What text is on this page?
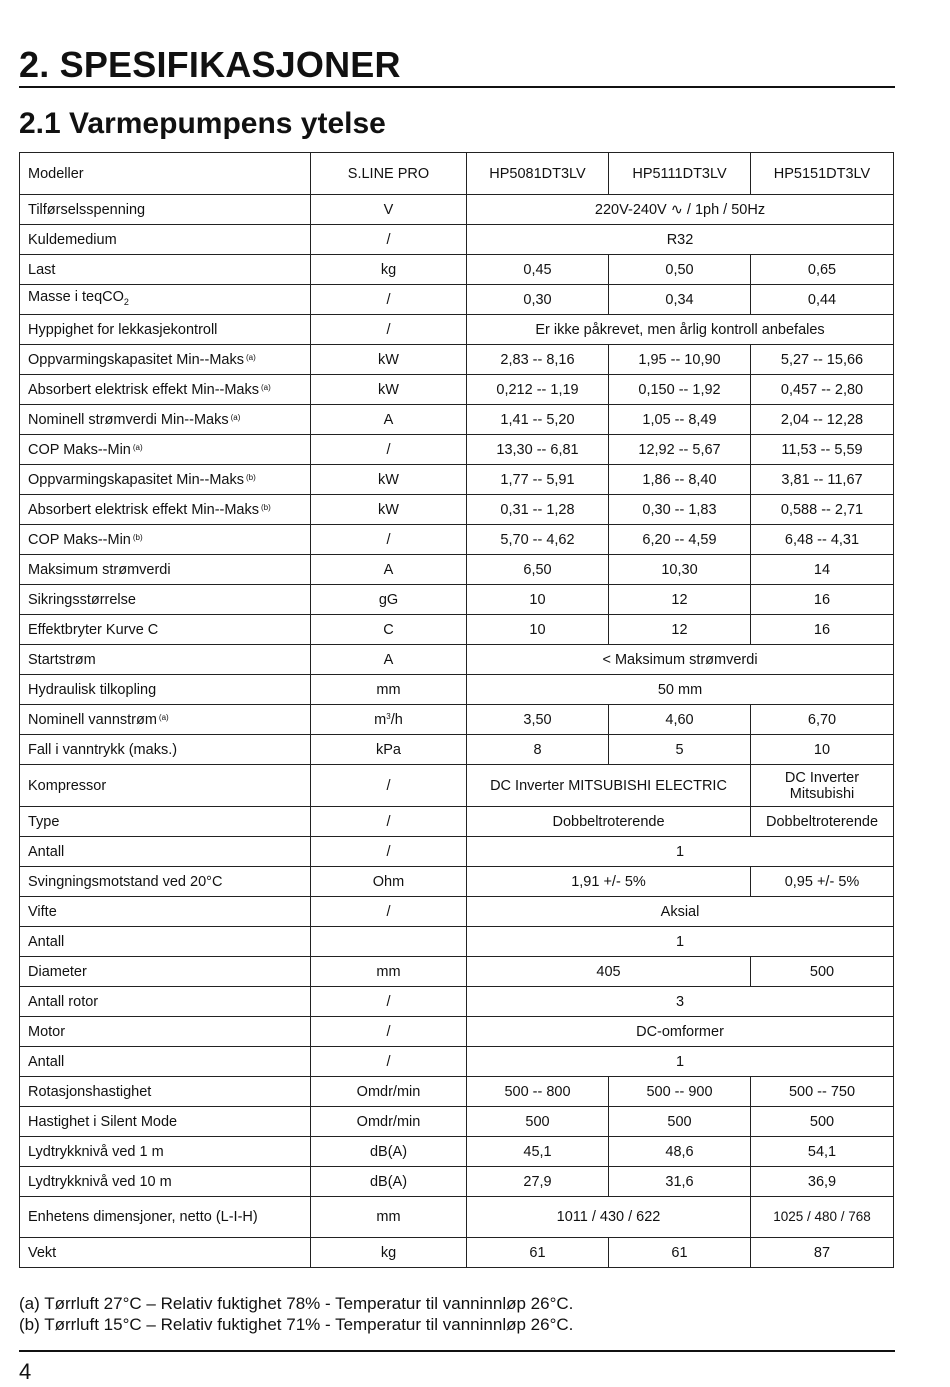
2. SPESIFIKASJONER
2.1 Varmepumpens ytelse
Modeller	S.LINE PRO	HP5081DT3LV	HP5111DT3LV	HP5151DT3LV
Tilførselsspenning	V	220V-240V ∿ / 1ph / 50Hz		
Kuldemedium	/	R32		
Last	kg	0,45	0,50	0,65
Masse i teqCO$_2$	/	0,30	0,34	0,44
Hyppighet for lekkasjekontroll	/	Er ikke påkrevet, men årlig kontroll anbefales		
Oppvarmingskapasitet Min--Maks $^{(a)}$	kW	2,83 -- 8,16	1,95 -- 10,90	5,27 -- 15,66
Absorbert elektrisk effekt Min--Maks $^{(a)}$	kW	0,212 -- 1,19	0,150 -- 1,92	0,457 -- 2,80
Nominell strømverdi Min--Maks $^{(a)}$	A	1,41 -- 5,20	1,05 -- 8,49	2,04 -- 12,28
COP Maks--Min $^{(a)}$	/	13,30 -- 6,81	12,92 -- 5,67	11,53 -- 5,59
Oppvarmingskapasitet Min--Maks $^{(b)}$	kW	1,77 -- 5,91	1,86 -- 8,40	3,81 -- 11,67
Absorbert elektrisk effekt Min--Maks $^{(b)}$	kW	0,31 -- 1,28	0,30 -- 1,83	0,588 -- 2,71
COP Maks--Min $^{(b)}$	/	5,70 -- 4,62	6,20 -- 4,59	6,48 -- 4,31
Maksimum strømverdi	A	6,50	10,30	14
Sikringsstørrelse	gG	10	12	16
Effektbryter Kurve C	C	10	12	16
Startstrøm	A	< Maksimum strømverdi		
Hydraulisk tilkopling	mm	50 mm		
Nominell vannstrøm $^{(a)}$	$m^3/h$	3,50	4,60	6,70
Fall i vanntrykk (maks.)	kPa	8	5	10
Kompressor	/	DC Inverter MITSUBISHI ELECTRIC		DC Inverter Mitsubishi
Type	/	Dobbeltroterende		Dobbeltroterende
Antall	/	1		
Svingningsmotstand ved 20°C	Ohm	1,91 +/- 5%		0,95 +/- 5%
Vifte	/	Aksial		
Antall		1		
Diameter	mm	405		500
Antall rotor	/	3		
Motor	/	DC-omformer		
Antall	/	1		
Rotasjonshastighet	Omdr/min	500 -- 800	500 -- 900	500 -- 750
Hastighet i Silent Mode	Omdr/min	500	500	500
Lydtrykknivå ved 1 m	dB(A)	45,1	48,6	54,1
Lydtrykknivå ved 10 m	dB(A)	27,9	31,6	36,9
Enhetens dimensjoner, netto (L-I-H)	mm	1011 / 430 / 622		1025 / 480 / 768
Vekt	kg	61	61	87
(a) Tørrluft 27°C – Relativ fuktighet 78% - Temperatur til vanninnløp 26°C.
(b) Tørrluft 15°C – Relativ fuktighet 71% - Temperatur til vanninnløp 26°C.
4
